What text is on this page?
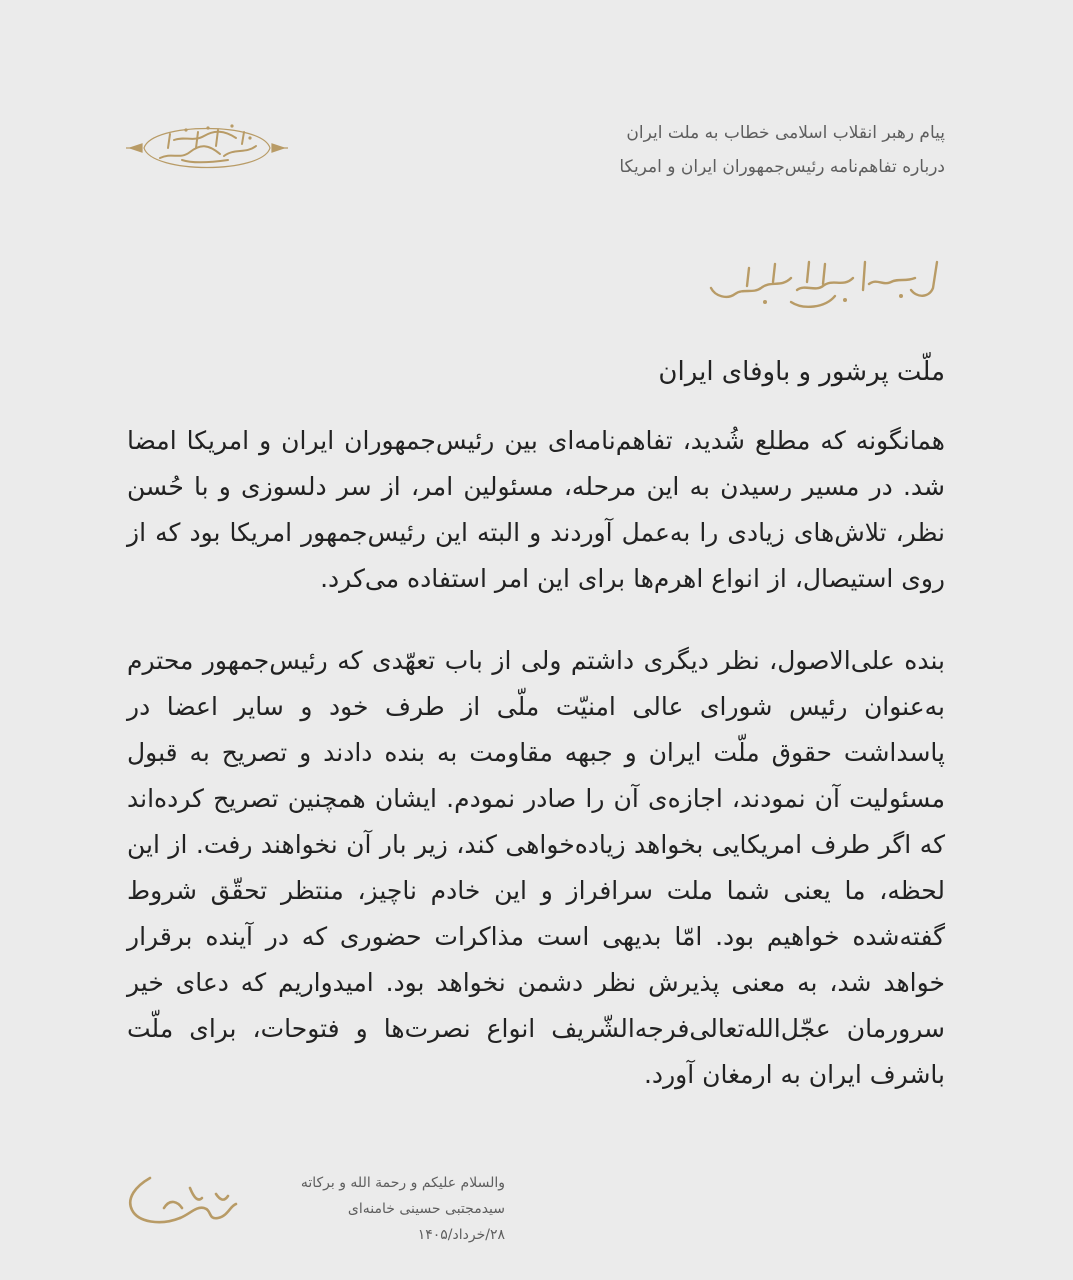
پیام رهبر انقلاب اسلامی خطاب به ملت ایران
درباره تفاهم‌نامه رئیس‌جمهوران ایران و امریکا
ملّت پرشور و باوفای ایران

همانگونه که مطلع شُدید، تفاهم‌نامه‌ای بین رئیس‌جمهوران ایران و امریکا امضا شد. در مسیر رسیدن به این مرحله، مسئولین امر، از سر دلسوزی و با حُسن نظر، تلاش‌های زیادی را به‌عمل آوردند و البته این رئیس‌جمهور امریکا بود که از روی استیصال، از انواع اهرم‌ها برای این امر استفاده می‌کرد.

بنده علی‌الاصول، نظر دیگری داشتم ولی از باب تعهّدی که رئیس‌جمهور محترم به‌عنوان رئیس شورای عالی امنیّت ملّی از طرف خود و سایر اعضا در پاسداشت حقوق ملّت ایران و جبهه مقاومت به بنده دادند و تصریح به قبول مسئولیت آن نمودند، اجازه‌ی آن را صادر نمودم. ایشان همچنین تصریح کرده‌اند که اگر طرف امریکایی بخواهد زیاده‌خواهی کند، زیر بار آن نخواهند رفت. از این لحظه، ما یعنی شما ملت سرافراز و این خادم ناچیز، منتظر تحقّق شروط گفته‌شده خواهیم بود. امّا بدیهی است مذاکرات حضوری که در آینده برقرار خواهد شد، به معنی پذیرش نظر دشمن نخواهد بود. امیدواریم که دعای خیر سرورمان عجّل‌الله‌تعالی‌فرجه‌الشّریف انواع نصرت‌ها و فتوحات، برای ملّت باشرف ایران به ارمغان آورد.

والسلام علیکم و رحمة الله و برکاته
سیدمجتبی حسینی خامنه‌ای
۲۸/خرداد/۱۴۰۵
